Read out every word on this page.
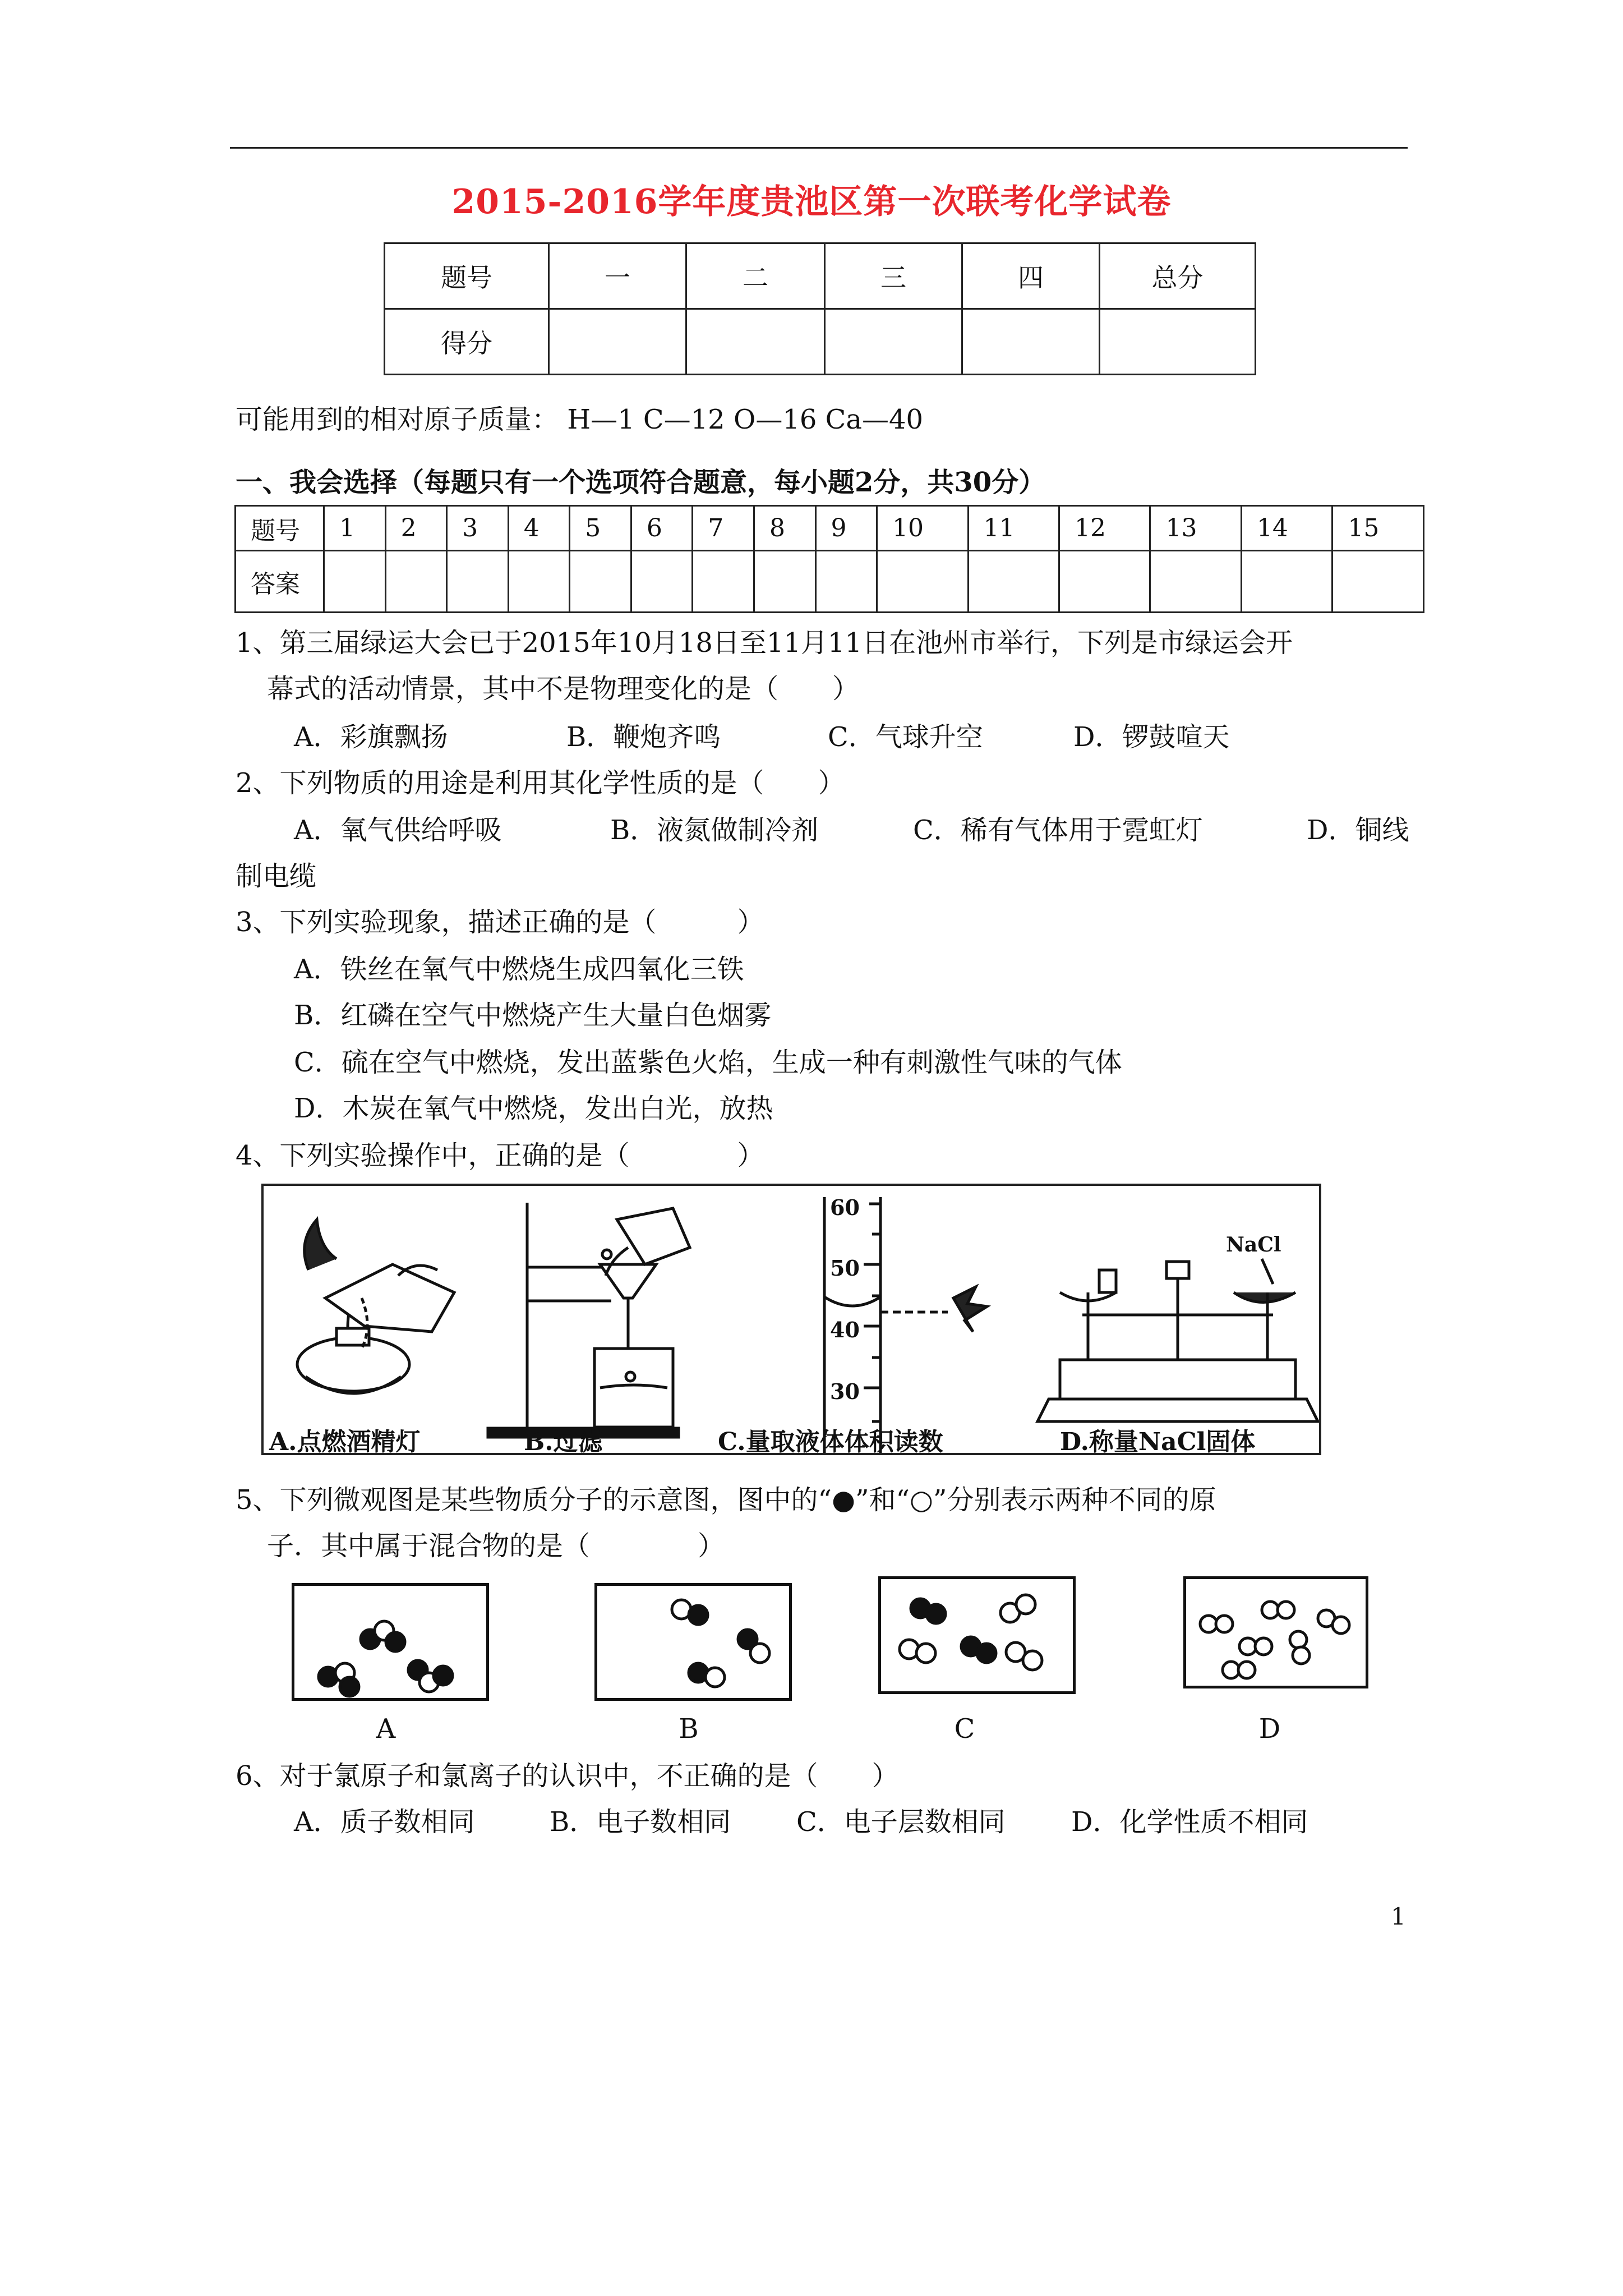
2015-2016学年度贵池区第一次联考化学试卷
题号	一	二	三	四	总分
得分					
可能用到的相对原子质量： H—1 C—12 O—16 Ca—40
一、我会选择（每题只有一个选项符合题意，每小题2分，共30分）
题号	1	2	3	4	5	6	7	8	9	10	11	12	13	14	15
答案															
1、第三届绿运大会已于2015年10月18日至11月11日在池州市举行，下列是市绿运会开
幕式的活动情景，其中不是物理变化的是（　　）
A．彩旗飘扬	B．鞭炮齐鸣	C．气球升空	D．锣鼓喧天
2、下列物质的用途是利用其化学性质的是（　　）
A．氧气供给呼吸	B．液氮做制冷剂	C．稀有气体用于霓虹灯	D．铜线
制电缆
3、下列实验现象，描述正确的是（　　　）
A．铁丝在氧气中燃烧生成四氧化三铁
B．红磷在空气中燃烧产生大量白色烟雾
C．硫在空气中燃烧，发出蓝紫色火焰，生成一种有刺激性气味的气体
D．木炭在氧气中燃烧，发出白光，放热
4、下列实验操作中，正确的是（　　　　）
60
50
40
30
NaCl
A.点燃酒精灯	B.过滤	C.量取液体体积读数	D.称量NaCl固体
5、下列微观图是某些物质分子的示意图，图中的“●”和“○”分别表示两种不同的原
子．其中属于混合物的是（　　　　）
A	B	C	D
6、对于氯原子和氯离子的认识中，不正确的是（　　）
A．质子数相同	B．电子数相同 C．电子层数相同 D．化学性质不相同
1
